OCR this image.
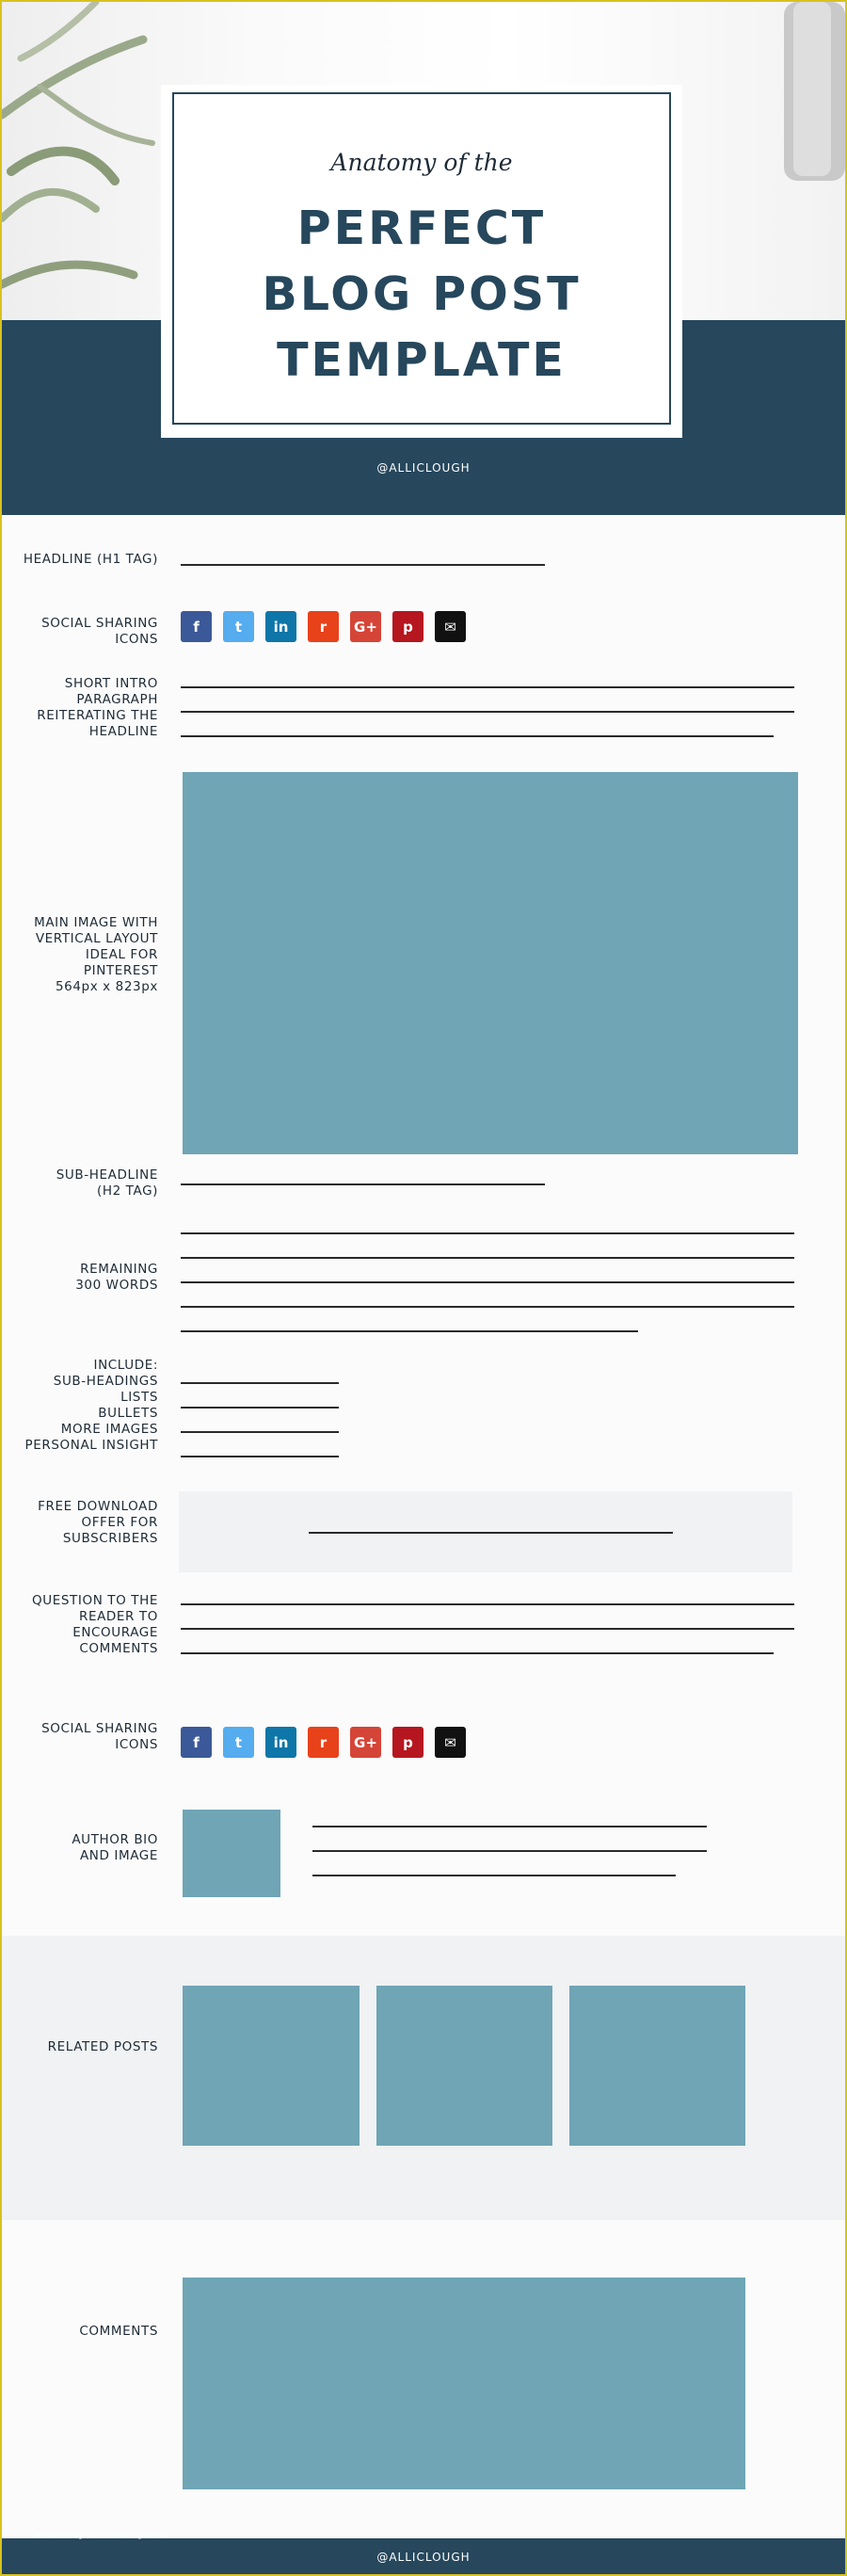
Anatomy of the
PERFECT
BLOG POST
TEMPLATE
@ALLICLOUGH
HEADLINE (H1 TAG)
SOCIAL SHARING
ICONS
f	t	in	r	G+	p	✉
SHORT INTRO
PARAGRAPH
REITERATING THE
HEADLINE
MAIN IMAGE WITH
VERTICAL LAYOUT
IDEAL FOR
PINTEREST
564px x 823px
SUB-HEADLINE
(H2 TAG)
REMAINING
300 WORDS
INCLUDE:
SUB-HEADINGS
LISTS
BULLETS
MORE IMAGES
PERSONAL INSIGHT
FREE DOWNLOAD
OFFER FOR
SUBSCRIBERS
QUESTION TO THE
READER TO
ENCOURAGE
COMMENTS
SOCIAL SHARING
ICONS	f	t	in	r	G+	p	✉
AUTHOR BIO
AND IMAGE
RELATED POSTS
COMMENTS
www.heritagechristiancollege.com
@ALLICLOUGH
